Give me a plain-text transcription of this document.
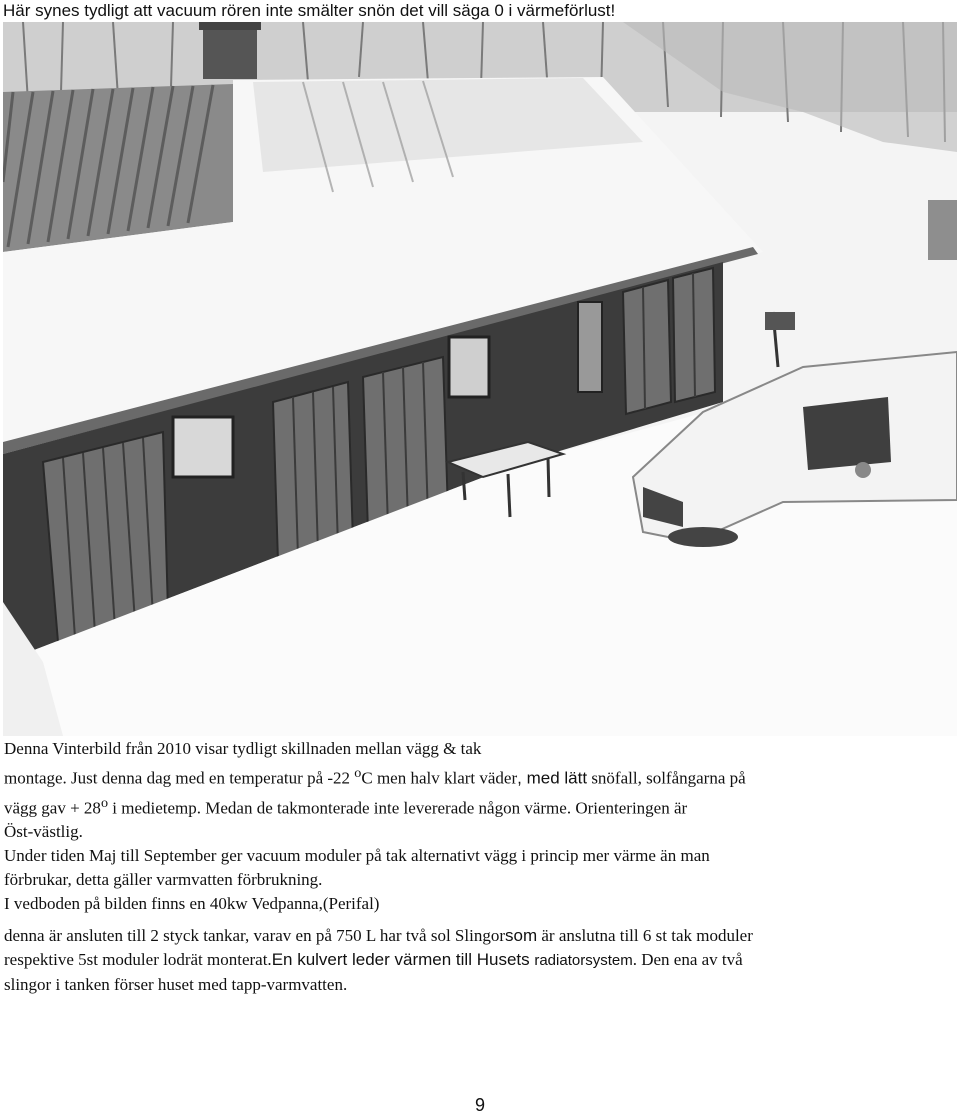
Här synes tydligt att vacuum rören inte smälter snön det vill säga 0 i värmeförlust!

Denna Vinterbild från 2010 visar tydligt skillnaden mellan vägg & tak

montage. Just denna dag med en temperatur på -22 $^o$C men halv klart väder, med lätt snöfall, solfångarna på

vägg gav + $28^o$ i medietemp. Medan de takmonterade inte levererade någon värme. Orienteringen är

Öst-västlig.

Under tiden Maj till September ger vacuum moduler på tak alternativt vägg i princip mer värme än man

förbrukar, detta gäller varmvatten förbrukning.

I vedboden på bilden finns en 40kw Vedpanna,(Perifal)

denna är ansluten till 2 styck tankar, varav en på 750 L har två sol Slingorsom är anslutna till 6 st tak moduler

respektive 5st moduler lodrät monterat.En kulvert leder värmen till Husets radiatorsystem. Den ena av två

slingor i tanken förser huset med tapp-varmvatten.

9
